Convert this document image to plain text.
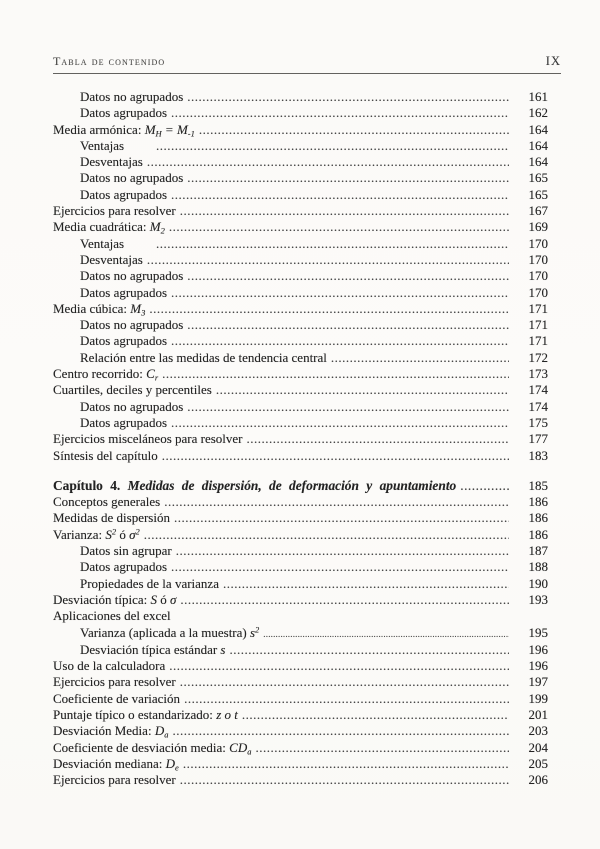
Tabla de contenido	IX
Datos no agrupados .....	161
Datos agrupados .....	162
Media armónica: $M_H = M_{-1}$ .....	164
Ventajas .....	164
Desventajas .....	164
Datos no agrupados .....	165
Datos agrupados .....	165
Ejercicios para resolver .....	167
Media cuadrática: $M_2$ .....	169
Ventajas .....	170
Desventajas .....	170
Datos no agrupados .....	170
Datos agrupados .....	170
Media cúbica: $M_3$ .....	171
Datos no agrupados .....	171
Datos agrupados .....	171
Relación entre las medidas de tendencia central .....	172
Centro recorrido: $C_r$ .....	173
Cuartiles, deciles y percentiles .....	174
Datos no agrupados .....	174
Datos agrupados .....	175
Ejercicios misceláneos para resolver .....	177
Síntesis del capítulo .....	183
Capítulo 4. Medidas de dispersión, de deformación y apuntamiento .....	185
Conceptos generales .....	186
Medidas de dispersión .....	186
Varianza: $S^2$ ó $\sigma^2$ .....	186
Datos sin agrupar .....	187
Datos agrupados .....	188
Propiedades de la varianza .....	190
Desviación típica: S ó σ .....	193
Aplicaciones del excel
Varianza (aplicada a la muestra) $s^2$ .....	195
Desviación típica estándar s .....	196
Uso de la calculadora .....	196
Ejercicios para resolver .....	197
Coeficiente de variación .....	199
Puntaje típico o estandarizado: z o t .....	201
Desviación Media: $D_a$ .....	203
Coeficiente de desviación media: $CD_a$ .....	204
Desviación mediana: $D_e$ .....	205
Ejercicios para resolver .....	206
